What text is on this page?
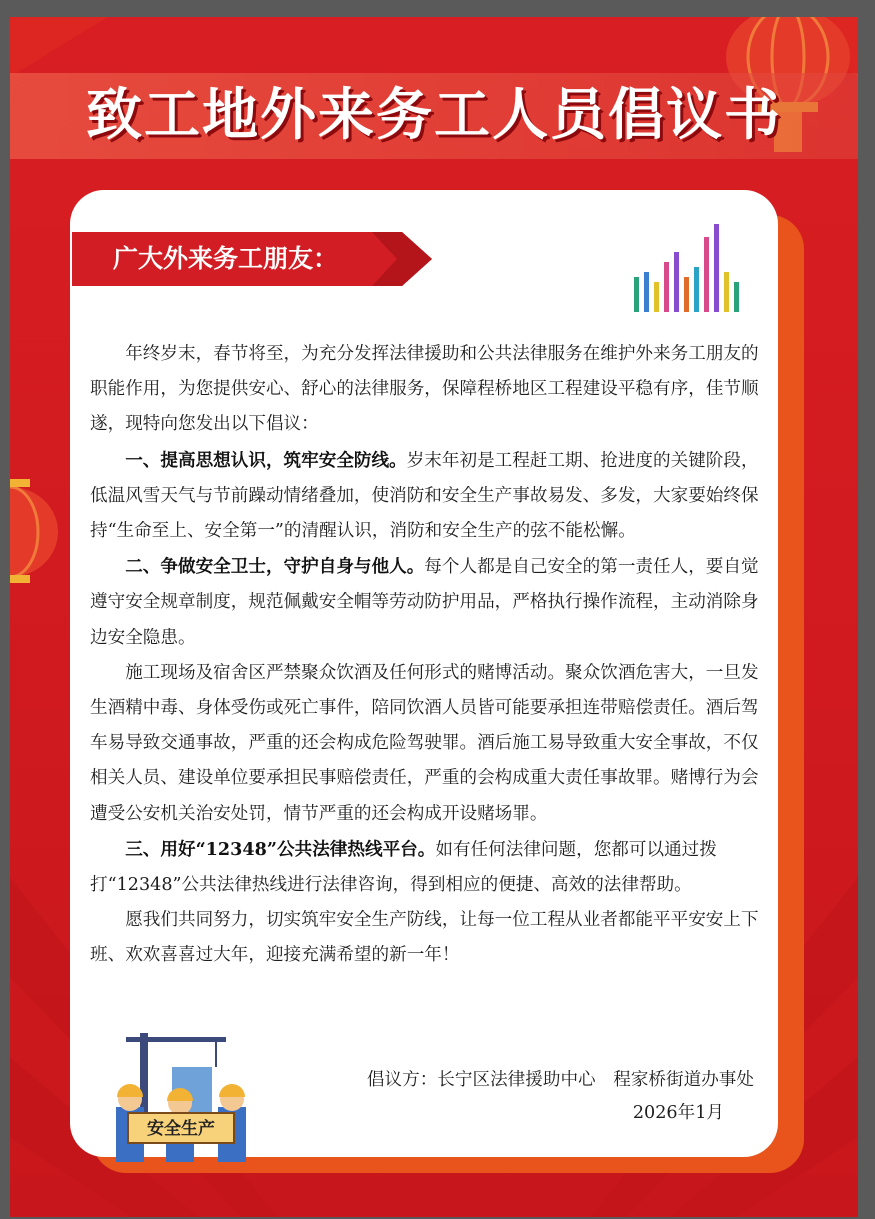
致工地外来务工人员倡议书
广大外来务工朋友：

年终岁末，春节将至，为充分发挥法律援助和公共法律服务在维护外来务工朋友的职能作用，为您提供安心、舒心的法律服务，保障程桥地区工程建设平稳有序，佳节顺遂，现特向您发出以下倡议：

一、提高思想认识，筑牢安全防线。岁末年初是工程赶工期、抢进度的关键阶段，低温风雪天气与节前躁动情绪叠加，使消防和安全生产事故易发、多发，大家要始终保持“生命至上、安全第一”的清醒认识，消防和安全生产的弦不能松懈。

二、争做安全卫士，守护自身与他人。每个人都是自己安全的第一责任人，要自觉遵守安全规章制度，规范佩戴安全帽等劳动防护用品，严格执行操作流程，主动消除身边安全隐患。

施工现场及宿舍区严禁聚众饮酒及任何形式的赌博活动。聚众饮酒危害大，一旦发生酒精中毒、身体受伤或死亡事件，陪同饮酒人员皆可能要承担连带赔偿责任。酒后驾车易导致交通事故，严重的还会构成危险驾驶罪。酒后施工易导致重大安全事故，不仅相关人员、建设单位要承担民事赔偿责任，严重的会构成重大责任事故罪。赌博行为会遭受公安机关治安处罚，情节严重的还会构成开设赌场罪。

三、用好“12348”公共法律热线平台。如有任何法律问题，您都可以通过拨打“12348”公共法律热线进行法律咨询，得到相应的便捷、高效的法律帮助。

愿我们共同努力，切实筑牢安全生产防线，让每一位工程从业者都能平平安安上下班、欢欢喜喜过大年，迎接充满希望的新一年！

安全生产
倡议方：长宁区法律援助中心　程家桥街道办事处
2026年1月
